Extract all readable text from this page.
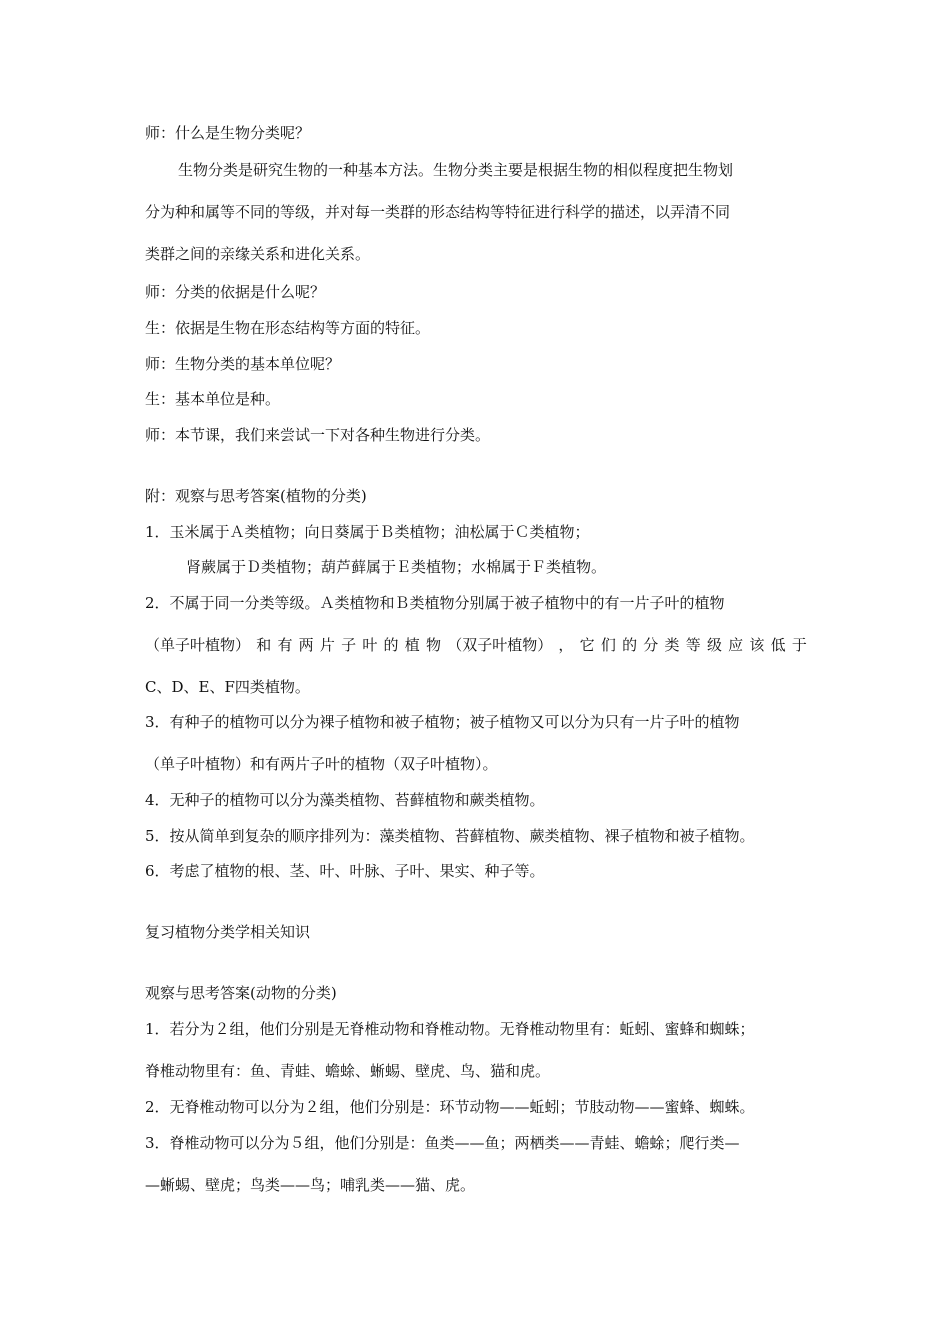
师：什么是生物分类呢？
生物分类是研究生物的一种基本方法。生物分类主要是根据生物的相似程度把生物划
分为种和属等不同的等级，并对每一类群的形态结构等特征进行科学的描述，以弄清不同
类群之间的亲缘关系和进化关系。
师：分类的依据是什么呢？
生：依据是生物在形态结构等方面的特征。
师：生物分类的基本单位呢？
生：基本单位是种。
师：本节课，我们来尝试一下对各种生物进行分类。
附：观察与思考答案(植物的分类)
1．玉米属于Ａ类植物；向日葵属于Ｂ类植物；油松属于Ｃ类植物；
肾蕨属于Ｄ类植物；葫芦藓属于Ｅ类植物；水棉属于Ｆ类植物。
2．不属于同一分类等级。Ａ类植物和Ｂ类植物分别属于被子植物中的有一片子叶的植物
（单子叶植物） 和 有 两 片 子 叶 的 植 物 （双子叶植物） ， 它 们 的 分 类 等 级 应 该 低 于
C、D、E、F四类植物。
3．有种子的植物可以分为裸子植物和被子植物；被子植物又可以分为只有一片子叶的植物
（单子叶植物）和有两片子叶的植物（双子叶植物）。
4．无种子的植物可以分为藻类植物、苔藓植物和蕨类植物。
5．按从简单到复杂的顺序排列为：藻类植物、苔藓植物、蕨类植物、裸子植物和被子植物。
6．考虑了植物的根、茎、叶、叶脉、子叶、果实、种子等。
复习植物分类学相关知识
观察与思考答案(动物的分类)
1．若分为２组，他们分别是无脊椎动物和脊椎动物。无脊椎动物里有：蚯蚓、蜜蜂和蜘蛛；
脊椎动物里有：鱼、青蛙、蟾蜍、蜥蜴、壁虎、鸟、猫和虎。
2．无脊椎动物可以分为２组，他们分别是：环节动物——蚯蚓；节肢动物——蜜蜂、蜘蛛。
3．脊椎动物可以分为５组，他们分别是：鱼类——鱼；两栖类——青蛙、蟾蜍；爬行类—
—蜥蜴、壁虎；鸟类——鸟；哺乳类——猫、虎。
